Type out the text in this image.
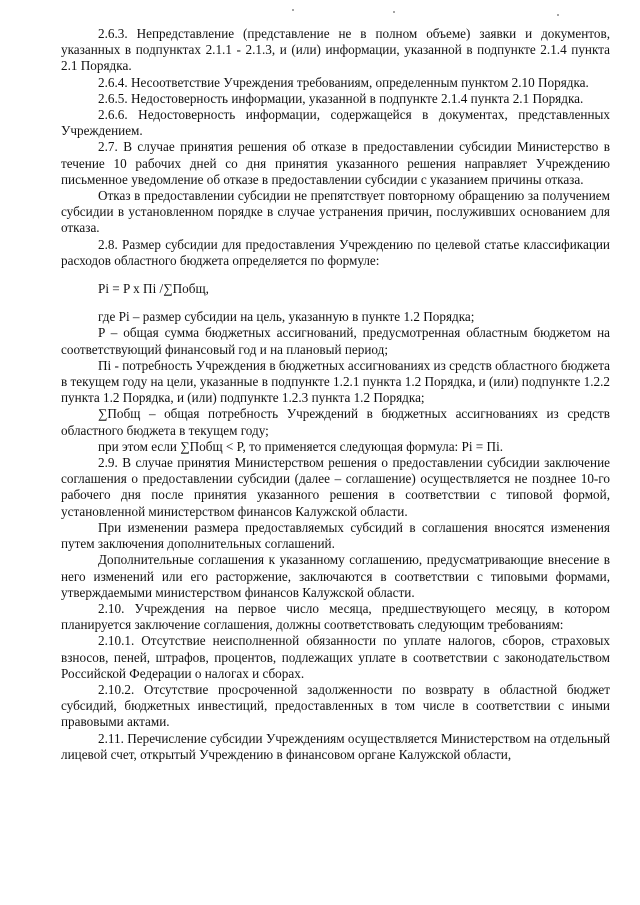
2.6.3. Непредставление (представление не в полном объеме) заявки и документов, указанных в подпунктах 2.1.1 - 2.1.3, и (или) информации, указанной в подпункте 2.1.4 пункта 2.1 Порядка.

2.6.4. Несоответствие Учреждения требованиям, определенным пунктом 2.10 Порядка.

2.6.5. Недостоверность информации, указанной в подпункте 2.1.4 пункта 2.1 Порядка.

2.6.6. Недостоверность информации, содержащейся в документах, представленных Учреждением.

2.7. В случае принятия решения об отказе в предоставлении субсидии Министерство в течение 10 рабочих дней со дня принятия указанного решения направляет Учреждению письменное уведомление об отказе в предоставлении субсидии с указанием причины отказа.

Отказ в предоставлении субсидии не препятствует повторному обращению за получением субсидии в установленном порядке в случае устранения причин, послуживших основанием для отказа.

2.8. Размер субсидии для предоставления Учреждению по целевой статье классификации расходов областного бюджета определяется по формуле:

Pi = P x Пi /∑Побщ,

где Pi – размер субсидии на цель, указанную в пункте 1.2 Порядка;

P – общая сумма бюджетных ассигнований, предусмотренная областным бюджетом на соответствующий финансовый год и на плановый период;

Пi - потребность Учреждения в бюджетных ассигнованиях из средств областного бюджета в текущем году на цели, указанные в подпункте 1.2.1 пункта 1.2 Порядка, и (или) подпункте 1.2.2 пункта 1.2 Порядка, и (или) подпункте 1.2.3 пункта 1.2 Порядка;

∑Побщ – общая потребность Учреждений в бюджетных ассигнованиях из средств областного бюджета в текущем году;

при этом если ∑Побщ < P, то применяется следующая формула: Pi = Пi.

2.9. В случае принятия Министерством решения о предоставлении субсидии заключение соглашения о предоставлении субсидии (далее – соглашение) осуществляется не позднее 10-го рабочего дня после принятия указанного решения в соответствии с типовой формой, установленной министерством финансов Калужской области.

При изменении размера предоставляемых субсидий в соглашения вносятся изменения путем заключения дополнительных соглашений.

Дополнительные соглашения к указанному соглашению, предусматривающие внесение в него изменений или его расторжение, заключаются в соответствии с типовыми формами, утверждаемыми министерством финансов Калужской области.

2.10. Учреждения на первое число месяца, предшествующего месяцу, в котором планируется заключение соглашения, должны соответствовать следующим требованиям:

2.10.1. Отсутствие неисполненной обязанности по уплате налогов, сборов, страховых взносов, пеней, штрафов, процентов, подлежащих уплате в соответствии с законодательством Российской Федерации о налогах и сборах.

2.10.2. Отсутствие просроченной задолженности по возврату в областной бюджет субсидий, бюджетных инвестиций, предоставленных в том числе в соответствии с иными правовыми актами.

2.11. Перечисление субсидии Учреждениям осуществляется Министерством на отдельный лицевой счет, открытый Учреждению в финансовом органе Калужской области,
